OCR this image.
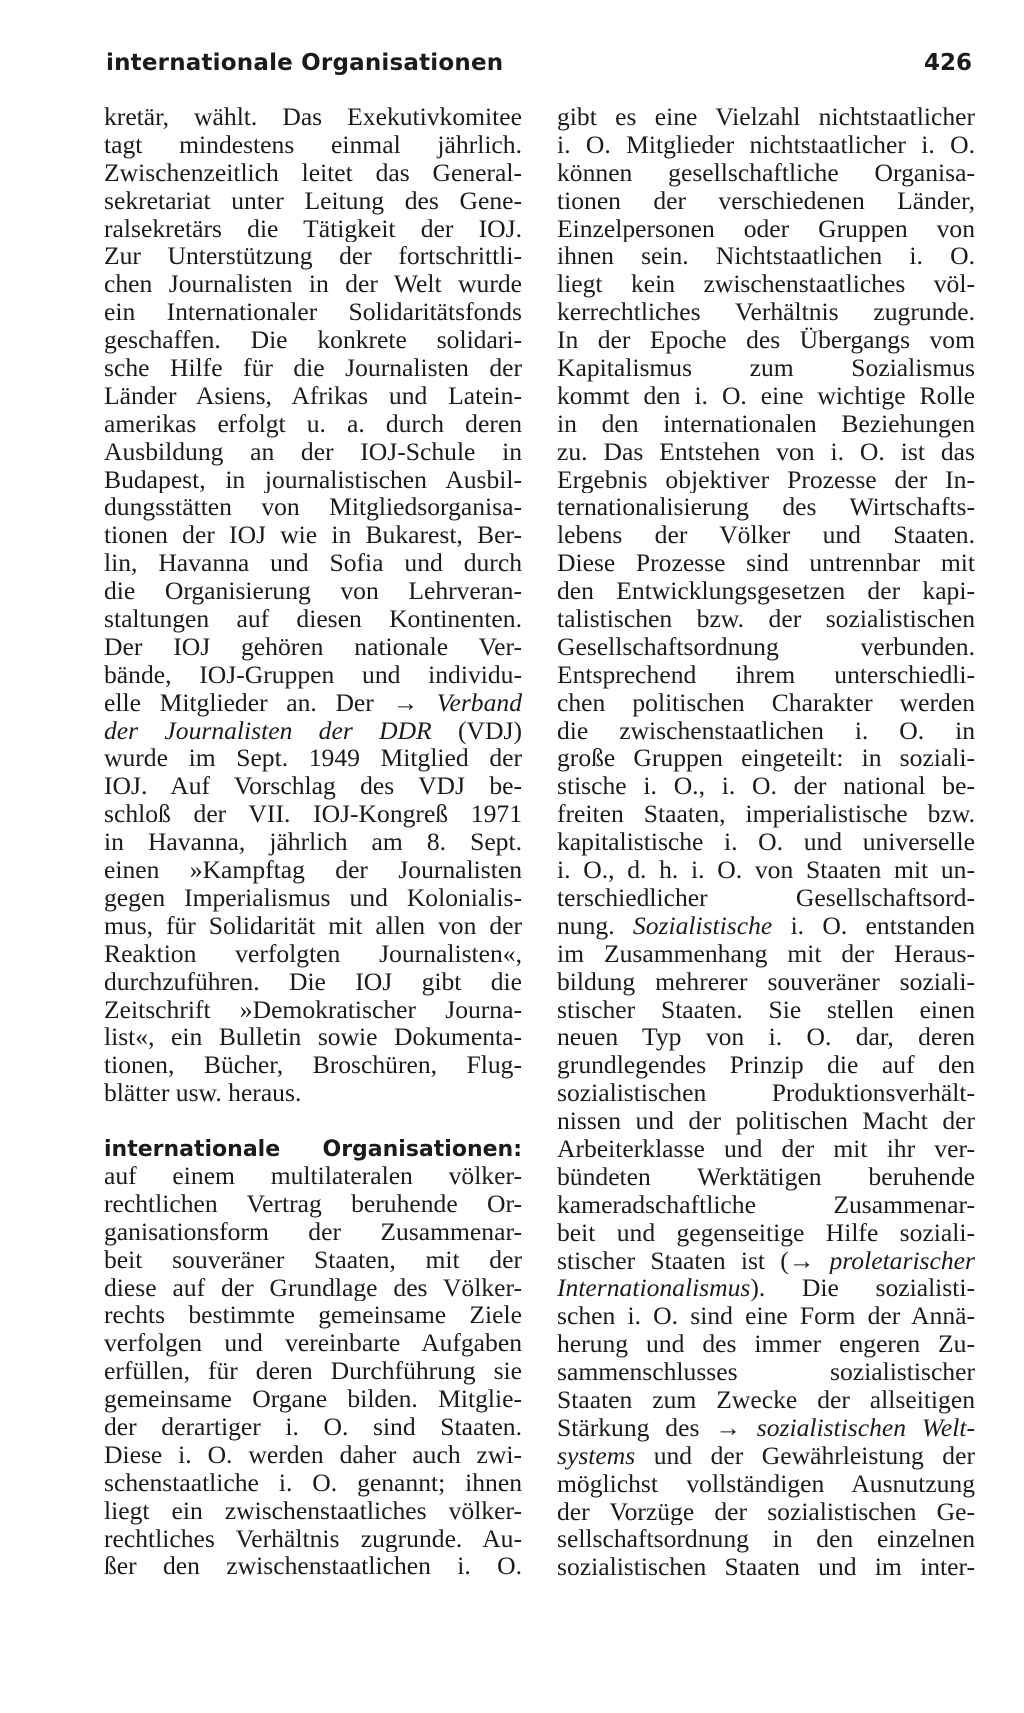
internationale Organisationen	426
kretär, wählt. Das Exekutivkomitee
tagt mindestens einmal jährlich.
Zwischenzeitlich leitet das General-
sekretariat unter Leitung des Gene-
ralsekretärs die Tätigkeit der IOJ.
Zur Unterstützung der fortschrittli-
chen Journalisten in der Welt wurde
ein Internationaler Solidaritätsfonds
geschaffen. Die konkrete solidari-
sche Hilfe für die Journalisten der
Länder Asiens, Afrikas und Latein-
amerikas erfolgt u. a. durch deren
Ausbildung an der IOJ-Schule in
Budapest, in journalistischen Ausbil-
dungsstätten von Mitgliedsorganisa-
tionen der IOJ wie in Bukarest, Ber-
lin, Havanna und Sofia und durch
die Organisierung von Lehrveran-
staltungen auf diesen Kontinenten.
Der IOJ gehören nationale Ver-
bände, IOJ-Gruppen und individu-
elle Mitglieder an. Der → Verband
der Journalisten der DDR (VDJ)
wurde im Sept. 1949 Mitglied der
IOJ. Auf Vorschlag des VDJ be-
schloß der VII. IOJ-Kongreß 1971
in Havanna, jährlich am 8. Sept.
einen »Kampftag der Journalisten
gegen Imperialismus und Kolonialis-
mus, für Solidarität mit allen von der
Reaktion verfolgten Journalisten«,
durchzuführen. Die IOJ gibt die
Zeitschrift »Demokratischer Journa-
list«, ein Bulletin sowie Dokumenta-
tionen, Bücher, Broschüren, Flug-
blätter usw. heraus.
internationale Organisationen:
auf einem multilateralen völker-
rechtlichen Vertrag beruhende Or-
ganisationsform der Zusammenar-
beit souveräner Staaten, mit der
diese auf der Grundlage des Völker-
rechts bestimmte gemeinsame Ziele
verfolgen und vereinbarte Aufgaben
erfüllen, für deren Durchführung sie
gemeinsame Organe bilden. Mitglie-
der derartiger i. O. sind Staaten.
Diese i. O. werden daher auch zwi-
schenstaatliche i. O. genannt; ihnen
liegt ein zwischenstaatliches völker-
rechtliches Verhältnis zugrunde. Au-
ßer den zwischenstaatlichen i. O.
gibt es eine Vielzahl nichtstaatlicher
i. O. Mitglieder nichtstaatlicher i. O.
können gesellschaftliche Organisa-
tionen der verschiedenen Länder,
Einzelpersonen oder Gruppen von
ihnen sein. Nichtstaatlichen i. O.
liegt kein zwischenstaatliches völ-
kerrechtliches Verhältnis zugrunde.
In der Epoche des Übergangs vom
Kapitalismus zum Sozialismus
kommt den i. O. eine wichtige Rolle
in den internationalen Beziehungen
zu. Das Entstehen von i. O. ist das
Ergebnis objektiver Prozesse der In-
ternationalisierung des Wirtschafts-
lebens der Völker und Staaten.
Diese Prozesse sind untrennbar mit
den Entwicklungsgesetzen der kapi-
talistischen bzw. der sozialistischen
Gesellschaftsordnung verbunden.
Entsprechend ihrem unterschiedli-
chen politischen Charakter werden
die zwischenstaatlichen i. O. in
große Gruppen eingeteilt: in soziali-
stische i. O., i. O. der national be-
freiten Staaten, imperialistische bzw.
kapitalistische i. O. und universelle
i. O., d. h. i. O. von Staaten mit un-
terschiedlicher Gesellschaftsord-
nung. Sozialistische i. O. entstanden
im Zusammenhang mit der Heraus-
bildung mehrerer souveräner soziali-
stischer Staaten. Sie stellen einen
neuen Typ von i. O. dar, deren
grundlegendes Prinzip die auf den
sozialistischen Produktionsverhält-
nissen und der politischen Macht der
Arbeiterklasse und der mit ihr ver-
bündeten Werktätigen beruhende
kameradschaftliche Zusammenar-
beit und gegenseitige Hilfe soziali-
stischer Staaten ist (→ proletarischer
Internationalismus). Die sozialisti-
schen i. O. sind eine Form der Annä-
herung und des immer engeren Zu-
sammenschlusses sozialistischer
Staaten zum Zwecke der allseitigen
Stärkung des → sozialistischen Welt-
systems und der Gewährleistung der
möglichst vollständigen Ausnutzung
der Vorzüge der sozialistischen Ge-
sellschaftsordnung in den einzelnen
sozialistischen Staaten und im inter-
